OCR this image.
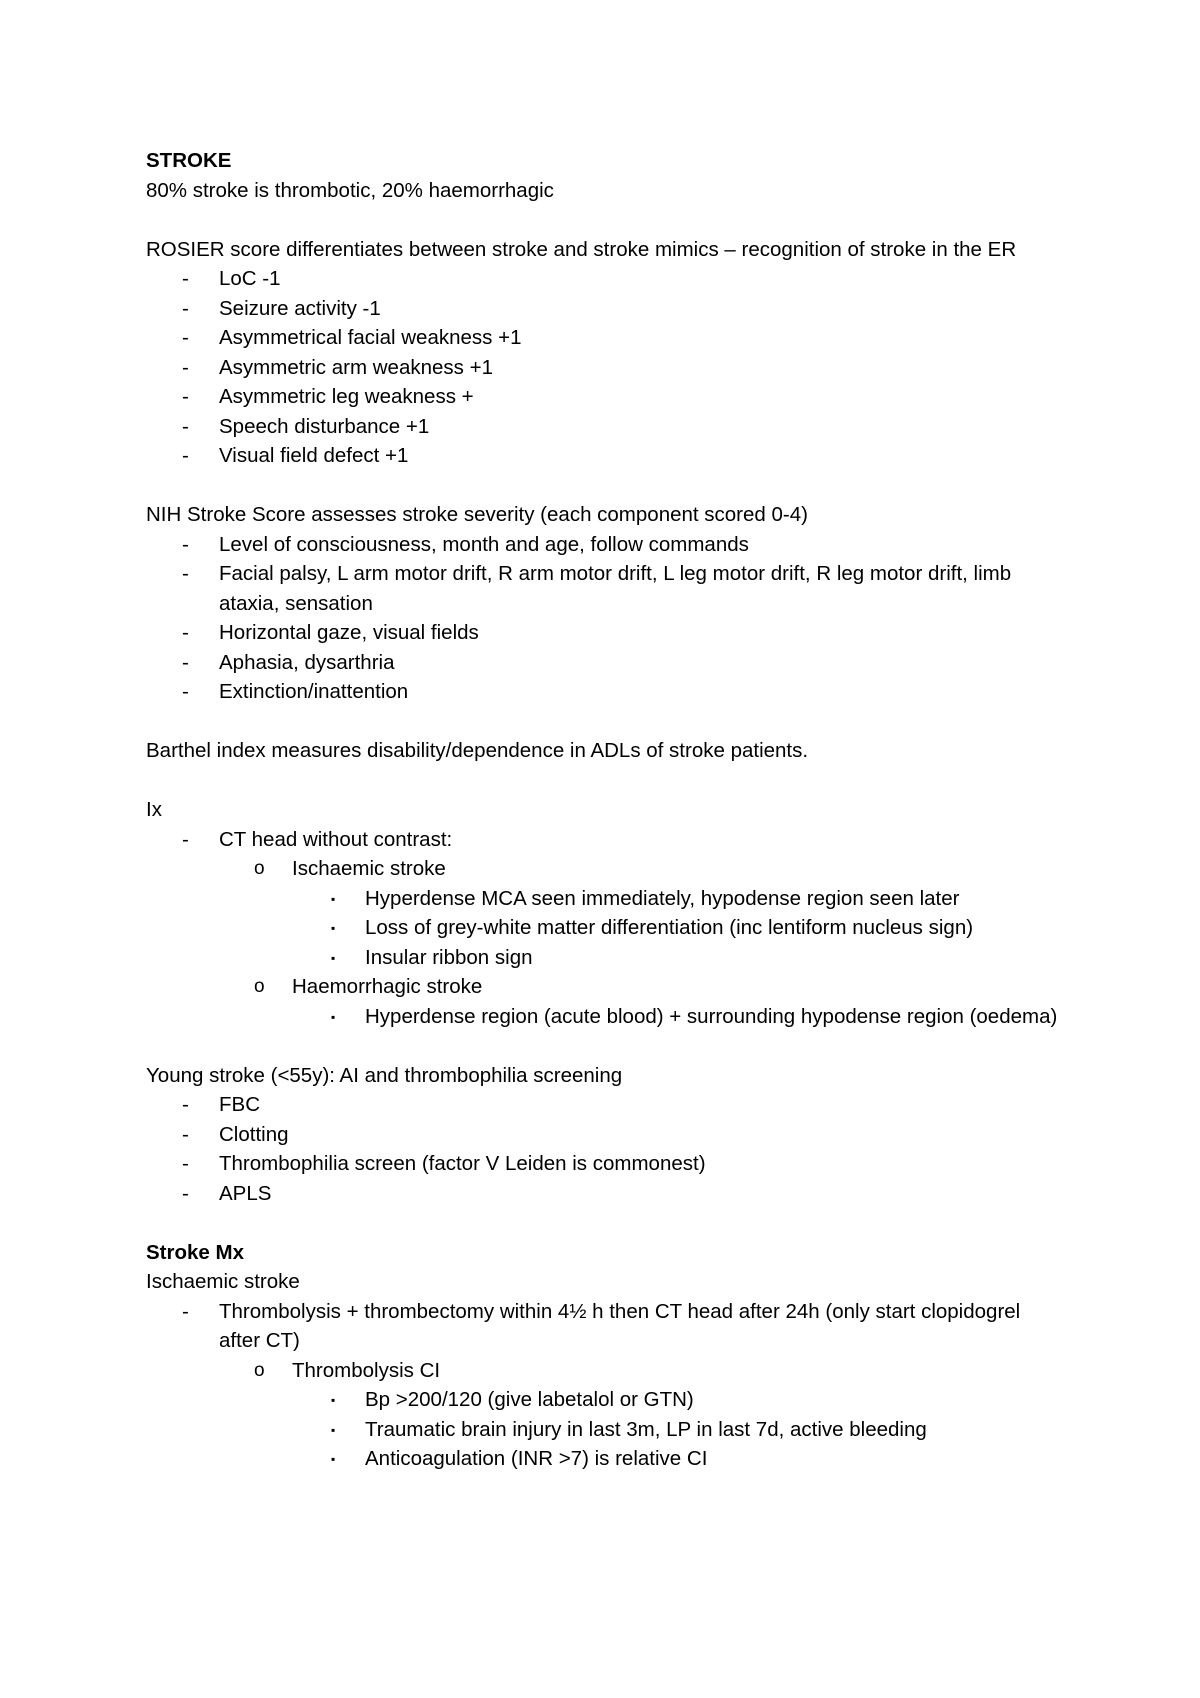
STROKE

80% stroke is thrombotic, 20% haemorrhagic

ROSIER score differentiates between stroke and stroke mimics – recognition of stroke in the ER

- LoC -1
- Seizure activity -1
- Asymmetrical facial weakness +1
- Asymmetric arm weakness +1
- Asymmetric leg weakness +
- Speech disturbance +1
- Visual field defect +1

NIH Stroke Score assesses stroke severity (each component scored 0-4)

- Level of consciousness, month and age, follow commands
- Facial palsy, L arm motor drift, R arm motor drift, L leg motor drift, R leg motor drift, limb ataxia, sensation
- Horizontal gaze, visual fields
- Aphasia, dysarthria
- Extinction/inattention

Barthel index measures disability/dependence in ADLs of stroke patients.

Ix

- CT head without contrast:
o Ischaemic stroke
▪ Hyperdense MCA seen immediately, hypodense region seen later
▪ Loss of grey-white matter differentiation (inc lentiform nucleus sign)
▪ Insular ribbon sign
o Haemorrhagic stroke
▪ Hyperdense region (acute blood) + surrounding hypodense region (oedema)

Young stroke (<55y): AI and thrombophilia screening

- FBC
- Clotting
- Thrombophilia screen (factor V Leiden is commonest)
- APLS

Stroke Mx

Ischaemic stroke

- Thrombolysis + thrombectomy within 4½ h then CT head after 24h (only start clopidogrel after CT)
o Thrombolysis CI
▪ Bp >200/120 (give labetalol or GTN)
▪ Traumatic brain injury in last 3m, LP in last 7d, active bleeding
▪ Anticoagulation (INR >7) is relative CI
